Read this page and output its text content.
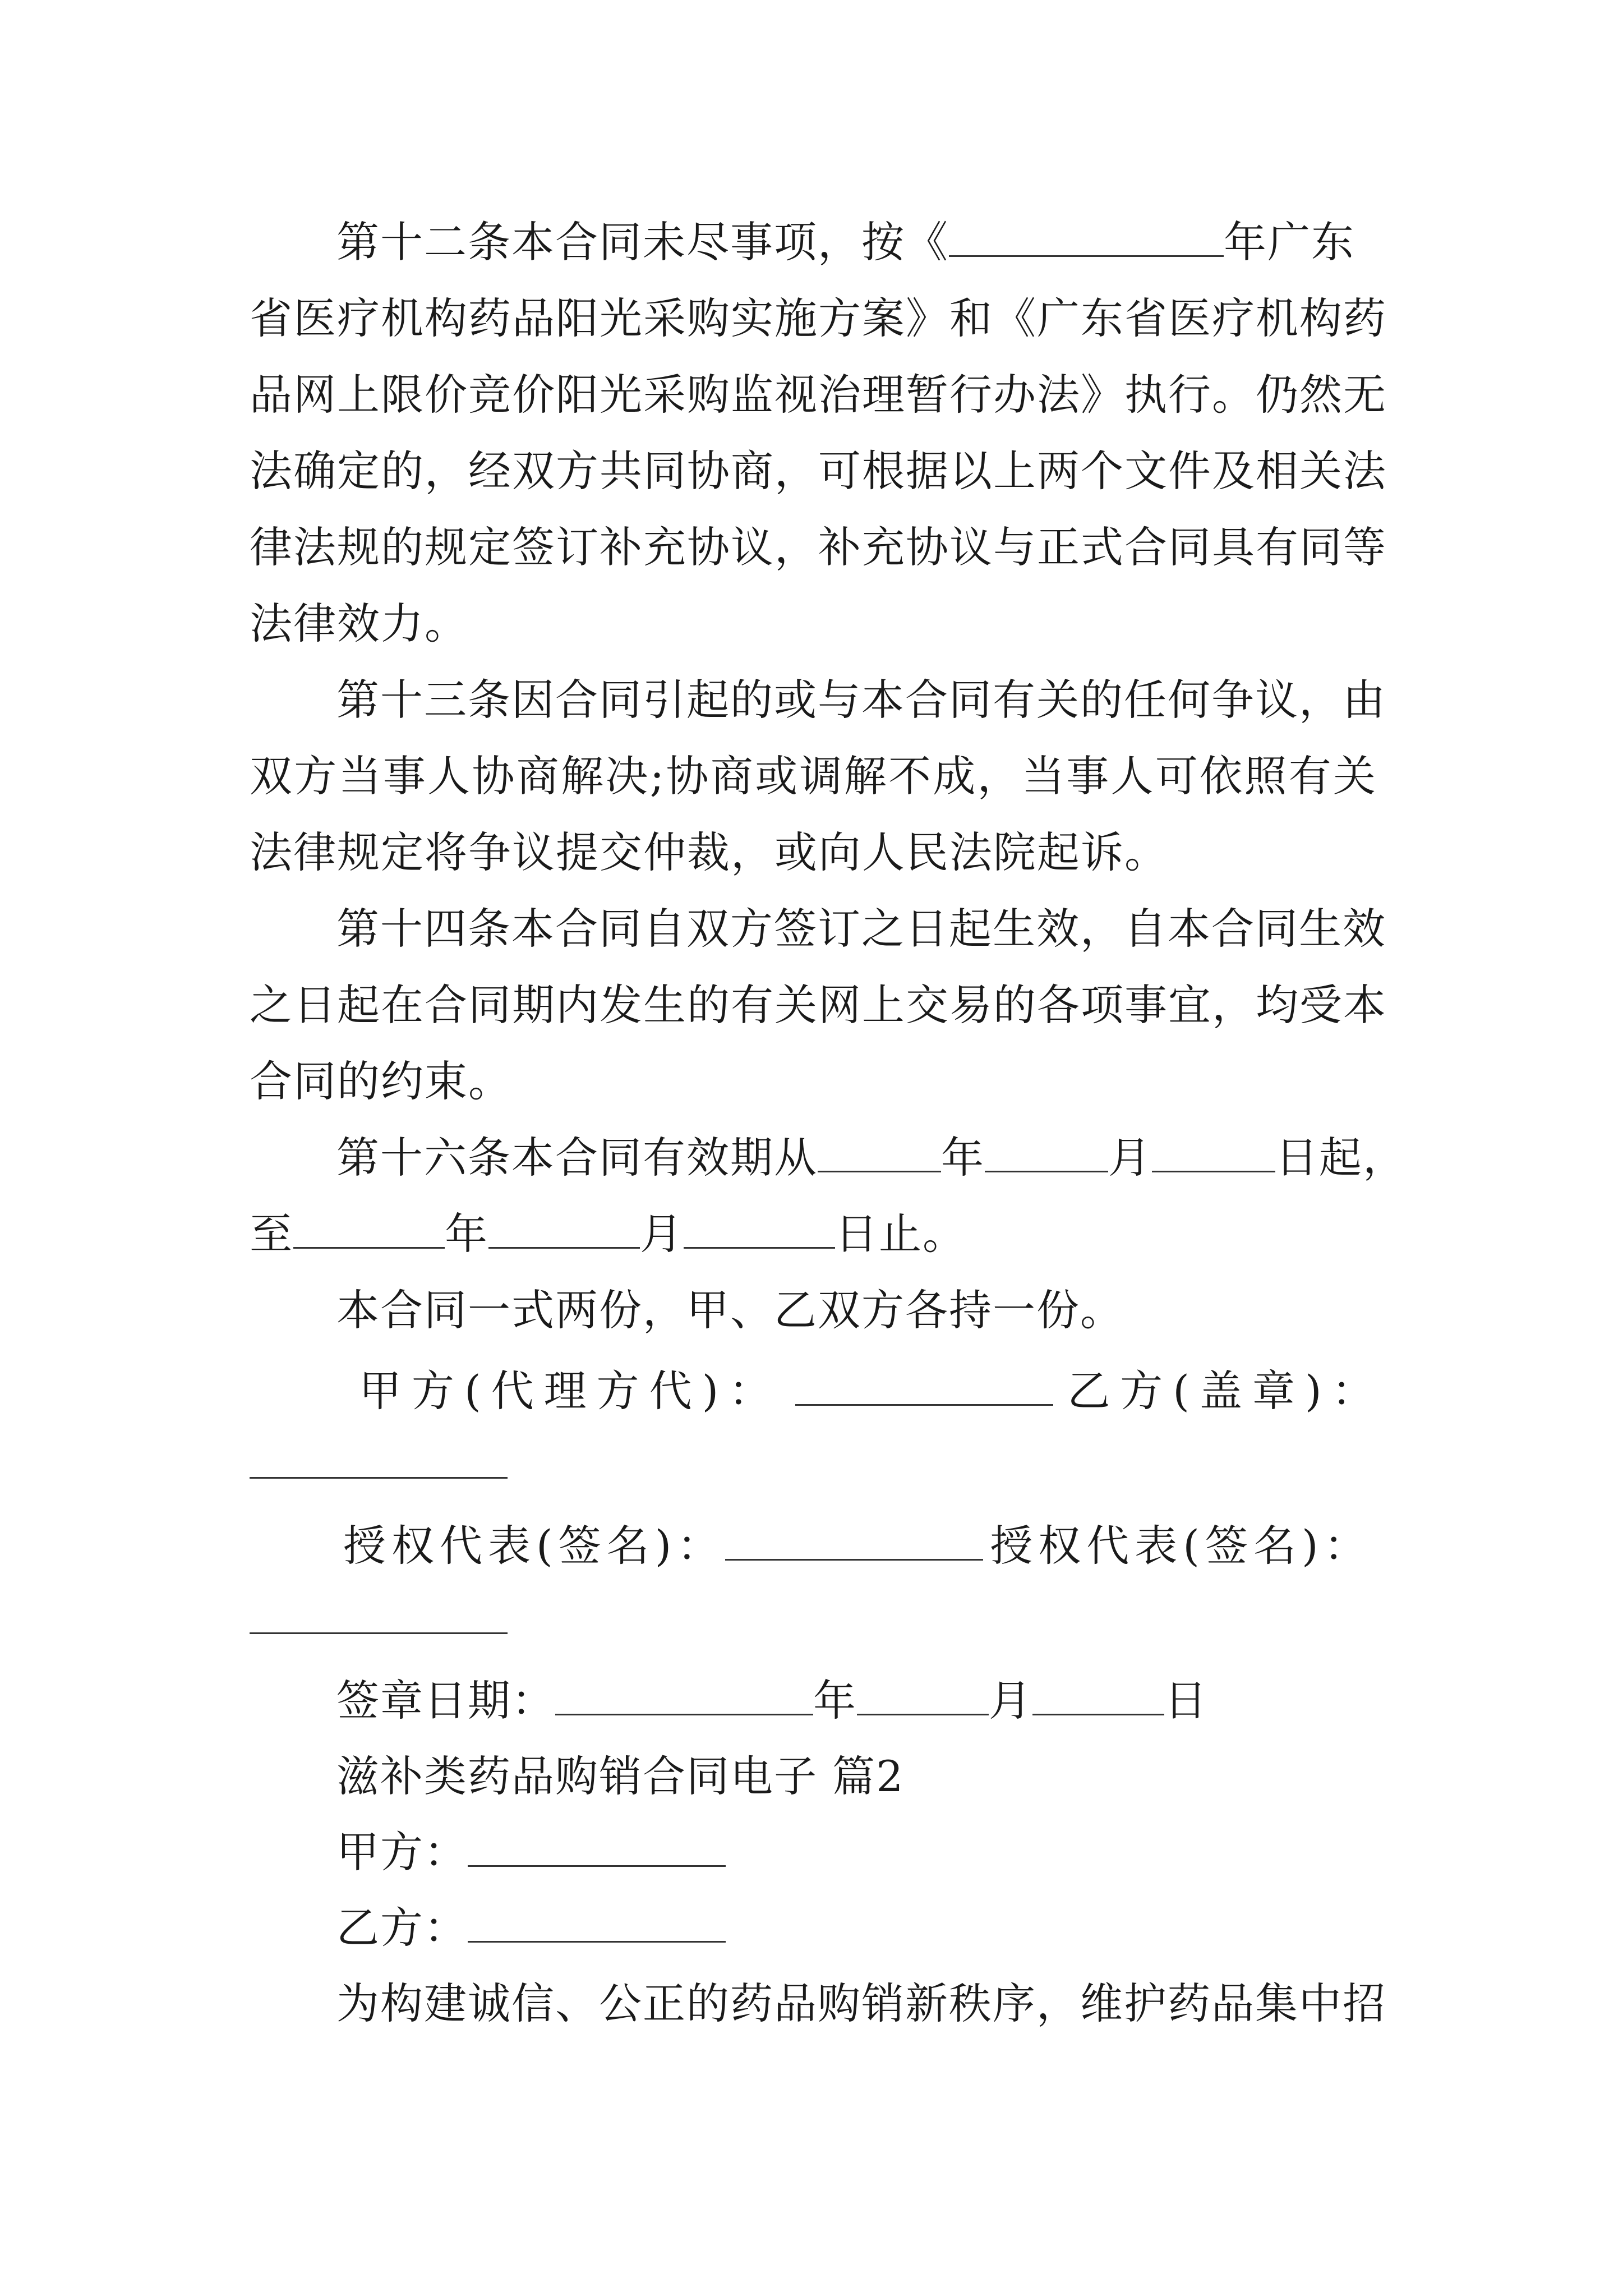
第十二条本合同未尽事项，按《	年广东
省医疗机构药品阳光采购实施方案》和《广东省医疗机构药
品网上限价竞价阳光采购监视治理暂行办法》执行。仍然无
法确定的，经双方共同协商，可根据以上两个文件及相关法
律法规的规定签订补充协议，补充协议与正式合同具有同等
法律效力。
第十三条因合同引起的或与本合同有关的任何争议，由
双方当事人协商解决;协商或调解不成，当事人可依照有关
法律规定将争议提交仲裁，或向人民法院起诉。
第十四条本合同自双方签订之日起生效，自本合同生效
之日起在合同期内发生的有关网上交易的各项事宜，均受本
合同的约束。
第十六条本合同有效期从	年	月	日起，
至	年	月	日止。
本合同一式两份，甲、乙双方各持一份。
甲方(代理方代)：	乙方(盖章)：
授权代表(签名)：	授权代表(签名)：
签章日期：	年	月	日
滋补类药品购销合同电子 篇2
甲方：
乙方：
为构建诚信、公正的药品购销新秩序，维护药品集中招
